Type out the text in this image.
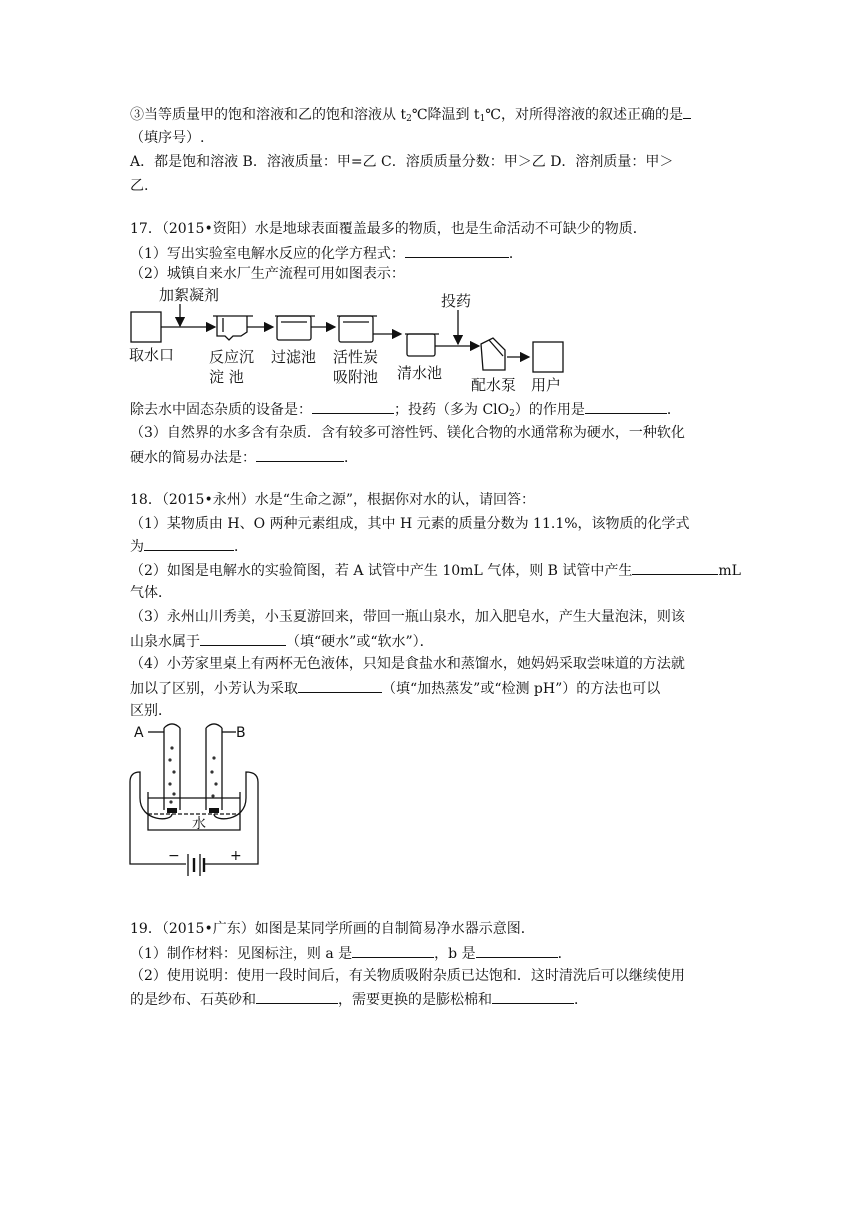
③当等质量甲的饱和溶液和乙的饱和溶液从 $t_2℃$降温到 $t_1℃$，对所得溶液的叙述正确的是
（填序号）.
A．都是饱和溶液 B．溶液质量：甲=乙 C．溶质质量分数：甲＞乙 D．溶剂质量：甲＞
乙.
17．（2015•资阳）水是地球表面覆盖最多的物质，也是生命活动不可缺少的物质．
（1）写出实验室电解水反应的化学方程式：	．
（2）城镇自来水厂生产流程可用如图表示：
加絮凝剂
取水口 反应沉
淀 池
过滤池 活性炭
吸附池 清水池
投药
配水泵 用户
除去水中固态杂质的设备是：	；投药（多为 ClO$_2$）的作用是	．
（3）自然界的水多含有杂质．含有较多可溶性钙、镁化合物的水通常称为硬水，一种软化
硬水的简易办法是：	．
18．（2015•永州）水是“生命之源”，根据你对水的认，请回答：
（1）某物质由 H、O 两种元素组成，其中 H 元素的质量分数为 11.1%，该物质的化学式
为	．
（2）如图是电解水的实验简图，若 A 试管中产生 10mL 气体，则 B 试管中产生	mL
气体．
（3）永州山川秀美，小玉夏游回来，带回一瓶山泉水，加入肥皂水，产生大量泡沫，则该
山泉水属于	（填“硬水”或“软水”）．
（4）小芳家里桌上有两杯无色液体，只知是食盐水和蒸馏水，她妈妈采取尝味道的方法就
加以了区别，小芳认为采取	（填“加热蒸发”或“检测 pH”）的方法也可以
区别．
A	B
水
−	+
19．（2015•广东）如图是某同学所画的自制简易净水器示意图．
（1）制作材料：见图标注，则 a 是	，b 是	．
（2）使用说明：使用一段时间后，有关物质吸附杂质已达饱和．这时清洗后可以继续使用
的是纱布、石英砂和	，需要更换的是膨松棉和	．
